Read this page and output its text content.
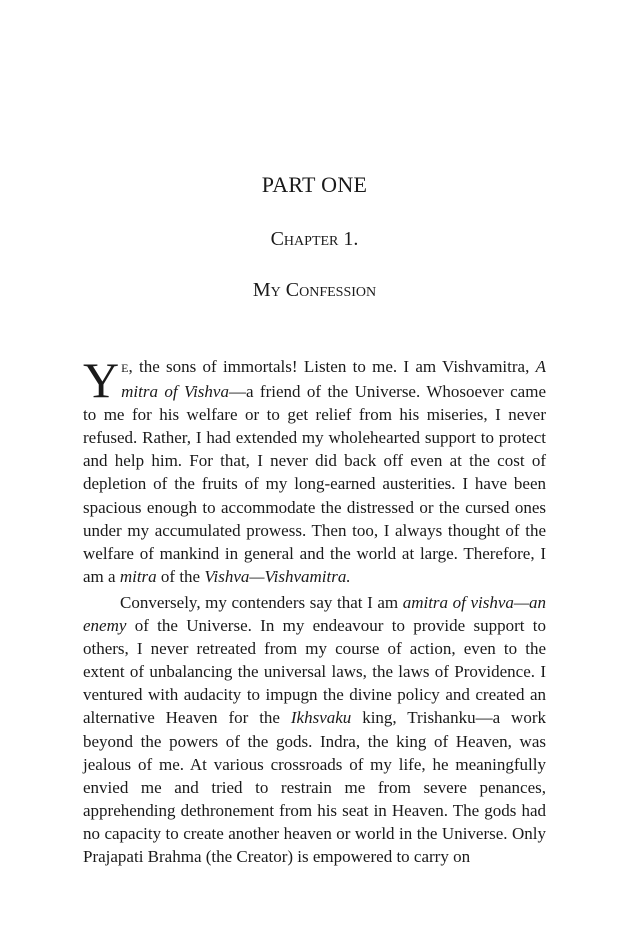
PART ONE
Chapter 1.
My Confession

YE, the sons of immortals! Listen to me. I am Vishvamitra, A mitra of Vishva—a friend of the Universe. Whosoever came to me for his welfare or to get relief from his miseries, I never refused. Rather, I had extended my wholehearted support to protect and help him. For that, I never did back off even at the cost of depletion of the fruits of my long-earned austerities. I have been spacious enough to accommodate the distressed or the cursed ones under my accumulated prowess. Then too, I always thought of the welfare of mankind in general and the world at large. Therefore, I am a mitra of the Vishva—Vishvamitra.

Conversely, my contenders say that I am amitra of vishva—an enemy of the Universe. In my endeavour to provide support to others, I never retreated from my course of action, even to the extent of unbalancing the universal laws, the laws of Providence. I ventured with audacity to impugn the divine policy and created an alternative Heaven for the Ikhsvaku king, Trishanku—a work beyond the powers of the gods. Indra, the king of Heaven, was jealous of me. At various crossroads of my life, he meaningfully envied me and tried to restrain me from severe penances, apprehending dethronement from his seat in Heaven. The gods had no capacity to create another heaven or world in the Universe. Only Prajapati Brahma (the Creator) is empowered to carry on
